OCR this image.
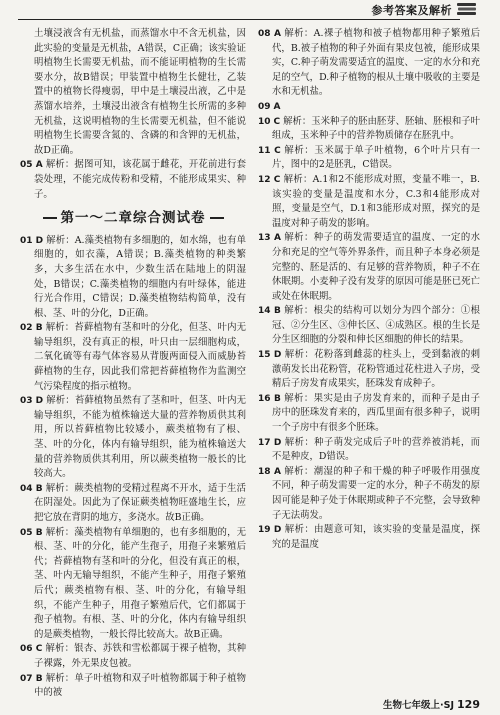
参考答案及解析

土壤浸液含有无机盐，而蒸馏水中不含无机盐，因此实验的变量是无机盐，A错误，C正确；该实验证明植物生长需要无机盐，而不能证明植物的生长需要水分，故B错误；甲装置中植物生长健壮，乙装置中的植物长得瘦弱，甲中是土壤浸出液，乙中是蒸馏水培养，土壤浸出液含有植物生长所需的多种无机盐，这说明植物的生长需要无机盐，但不能说明植物生长需要含氮的、含磷的和含钾的无机盐，故D正确。

05 A 解析：据图可知，该花属于雌花，开花前进行套袋处理，不能完成传粉和受精，不能形成果实、种子。

第一～二章综合测试卷

01 D 解析：A.藻类植物有多细胞的，如水绵，也有单细胞的，如衣藻，A错误；B.藻类植物的种类繁多，大多生活在水中，少数生活在陆地上的阴湿处，B错误；C.藻类植物的细胞内有叶绿体，能进行光合作用，C错误；D.藻类植物结构简单，没有根、茎、叶的分化，D正确。

02 B 解析：苔藓植物有茎和叶的分化，但茎、叶内无输导组织，没有真正的根，叶只由一层细胞构成，二氧化硫等有毒气体容易从背腹两面侵入而威胁苔藓植物的生存，因此我们常把苔藓植物作为监测空气污染程度的指示植物。

03 D 解析：苔藓植物虽然有了茎和叶，但茎、叶内无输导组织，不能为植株输送大量的营养物质供其利用，所以苔藓植物比较矮小，蕨类植物有了根、茎、叶的分化，体内有输导组织，能为植株输送大量的营养物质供其利用，所以蕨类植物一般长的比较高大。

04 B 解析：蕨类植物的受精过程离不开水，适于生活在阴湿处。因此为了保证蕨类植物旺盛地生长，应把它放在背阴的地方，多浇水。故B正确。

05 B 解析：藻类植物有单细胞的，也有多细胞的，无根、茎、叶的分化，能产生孢子，用孢子来繁殖后代；苔藓植物有茎和叶的分化，但没有真正的根，茎、叶内无输导组织，不能产生种子，用孢子繁殖后代；蕨类植物有根、茎、叶的分化，有输导组织，不能产生种子，用孢子繁殖后代，它们都属于孢子植物。有根、茎、叶的分化，体内有输导组织的是蕨类植物，一般长得比较高大。故B正确。

06 C 解析：银杏、苏铁和雪松都属于裸子植物，其种子裸露，外无果皮包被。

07 B 解析：单子叶植物和双子叶植物都属于种子植物中的被

08 A 解析：A.裸子植物和被子植物都用种子繁殖后代，B.被子植物的种子外面有果皮包被，能形成果实，C.种子萌发需要适宜的温度、一定的水分和充足的空气，D.种子植物的根从土壤中吸收的主要是水和无机盐。

09 A

10 C 解析：玉米种子的胚由胚芽、胚轴、胚根和子叶组成，玉米种子中的营养物质储存在胚乳中。

11 C 解析：玉米属于单子叶植物，6个叶片只有一片，图中的2是胚乳，C错误。

12 C 解析：A.1和2不能形成对照，变量不唯一，B.该实验的变量是温度和水分，C.3和4能形成对照，变量是空气，D.1和3能形成对照，探究的是温度对种子萌发的影响。

13 A 解析：种子的萌发需要适宜的温度、一定的水分和充足的空气等外界条件，而且种子本身必须是完整的、胚是活的、有足够的营养物质，种子不在休眠期。小麦种子没有发芽的原因可能是胚已死亡或处在休眠期。

14 B 解析：根尖的结构可以划分为四个部分：①根冠、②分生区、③伸长区、④成熟区。根的生长是分生区细胞的分裂和伸长区细胞的伸长的结果。

15 D 解析：花粉落到雌蕊的柱头上，受到黏液的刺激萌发长出花粉管，花粉管通过花柱进入子房，受精后子房发育成果实，胚珠发育成种子。

16 B 解析：果实是由子房发育来的，而种子是由子房中的胚珠发育来的，西瓜里面有很多种子，说明一个子房中有很多个胚珠。

17 D 解析：种子萌发完成后子叶的营养被消耗，而不是种皮，D错误。

18 A 解析：潮湿的种子和干燥的种子呼吸作用强度不同，种子萌发需要一定的水分，种子不萌发的原因可能是种子处于休眠期或种子不完整，会导致种子无法萌发。

19 D 解析：由题意可知，该实验的变量是温度，探究的是温度

生物七年级上·SJ 129
